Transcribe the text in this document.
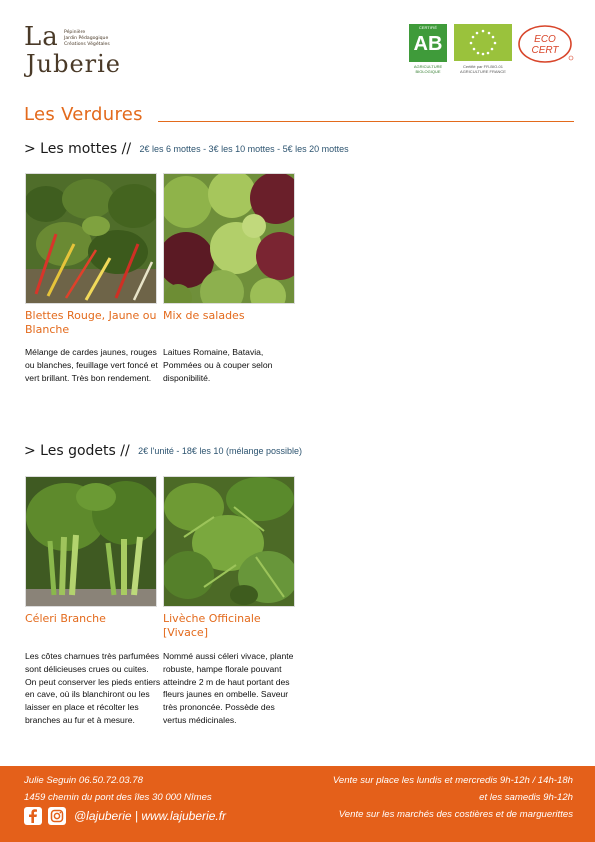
La Pépinière
Jardin Pédagogique
Créations Végétales
Juberie
CERTIFIÉ
AB
AGRICULTURE BIOLOGIQUE
Certifié par FR-BIO-01 AGRICULTURE FRANCE
ECO
CERT
Les Verdures
> Les mottes // 2€ les 6 mottes - 3€ les 10 mottes - 5€ les 20 mottes
Blettes Rouge, Jaune ou Blanche
Mélange de cardes jaunes, rouges ou blanches, feuillage vert foncé et vert brillant. Très bon rendement.
Mix de salades
Laitues Romaine, Batavia, Pommées ou à couper selon disponibilité.
> Les godets // 2€ l'unité - 18€ les 10 (mélange possible)
Céleri Branche
Les côtes charnues très parfumées sont délicieuses crues ou cuites. On peut conserver les pieds entiers en cave, où ils blanchiront ou les laisser en place et récolter les branches au fur et à mesure.
Livèche Officinale [Vivace]
Nommé aussi céleri vivace, plante robuste, hampe florale pouvant atteindre 2 m de haut portant des fleurs jaunes en ombelle. Saveur très prononcée. Possède des vertus médicinales.
Julie Seguin 06.50.72.03.78
1459 chemin du pont des îles 30 000 Nîmes
@lajuberie | www.lajuberie.fr
Vente sur place les lundis et mercredis 9h-12h / 14h-18h
et les samedis 9h-12h
Vente sur les marchés des costières et de marguerittes
